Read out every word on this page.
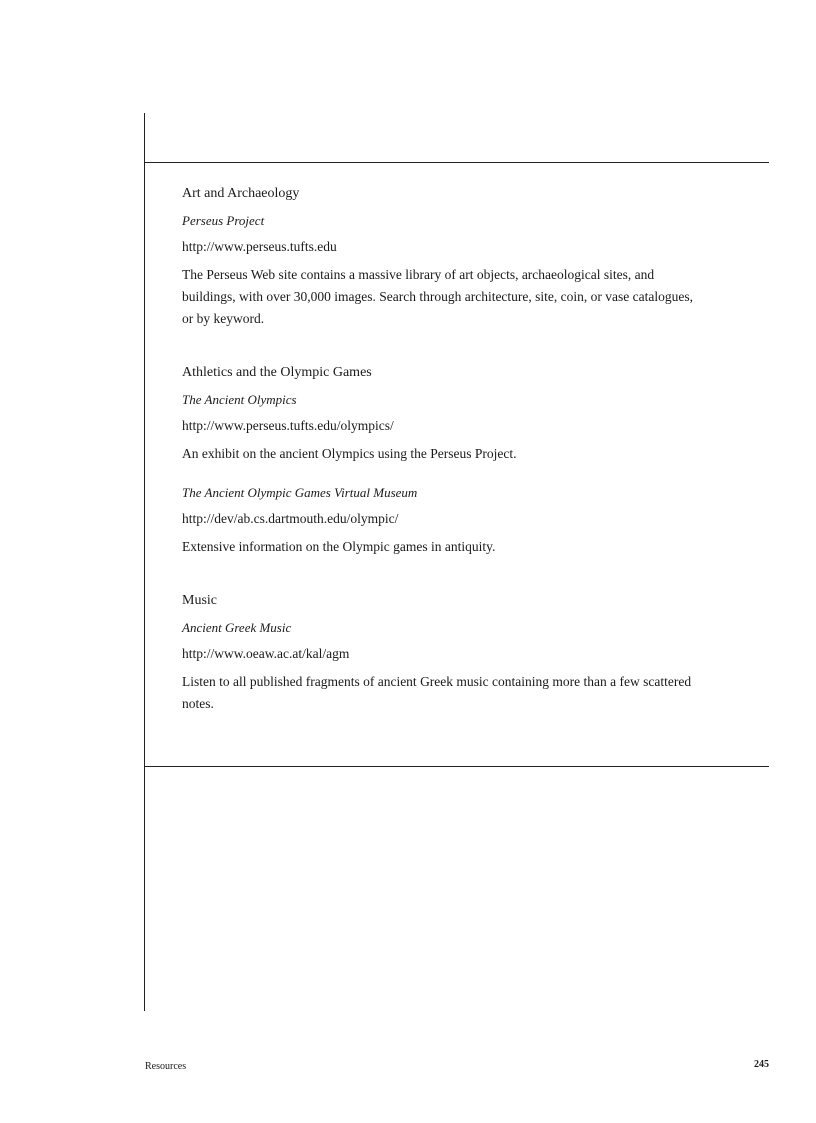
Art and Archaeology

Perseus Project

http://www.perseus.tufts.edu

The Perseus Web site contains a massive library of art objects, archaeological sites, and buildings, with over 30,000 images. Search through architecture, site, coin, or vase catalogues, or by keyword.

Athletics and the Olympic Games

The Ancient Olympics

http://www.perseus.tufts.edu/olympics/

An exhibit on the ancient Olympics using the Perseus Project.

The Ancient Olympic Games Virtual Museum

http://dev/ab.cs.dartmouth.edu/olympic/

Extensive information on the Olympic games in antiquity.

Music

Ancient Greek Music

http://www.oeaw.ac.at/kal/agm

Listen to all published fragments of ancient Greek music containing more than a few scattered notes.

Resources	245
